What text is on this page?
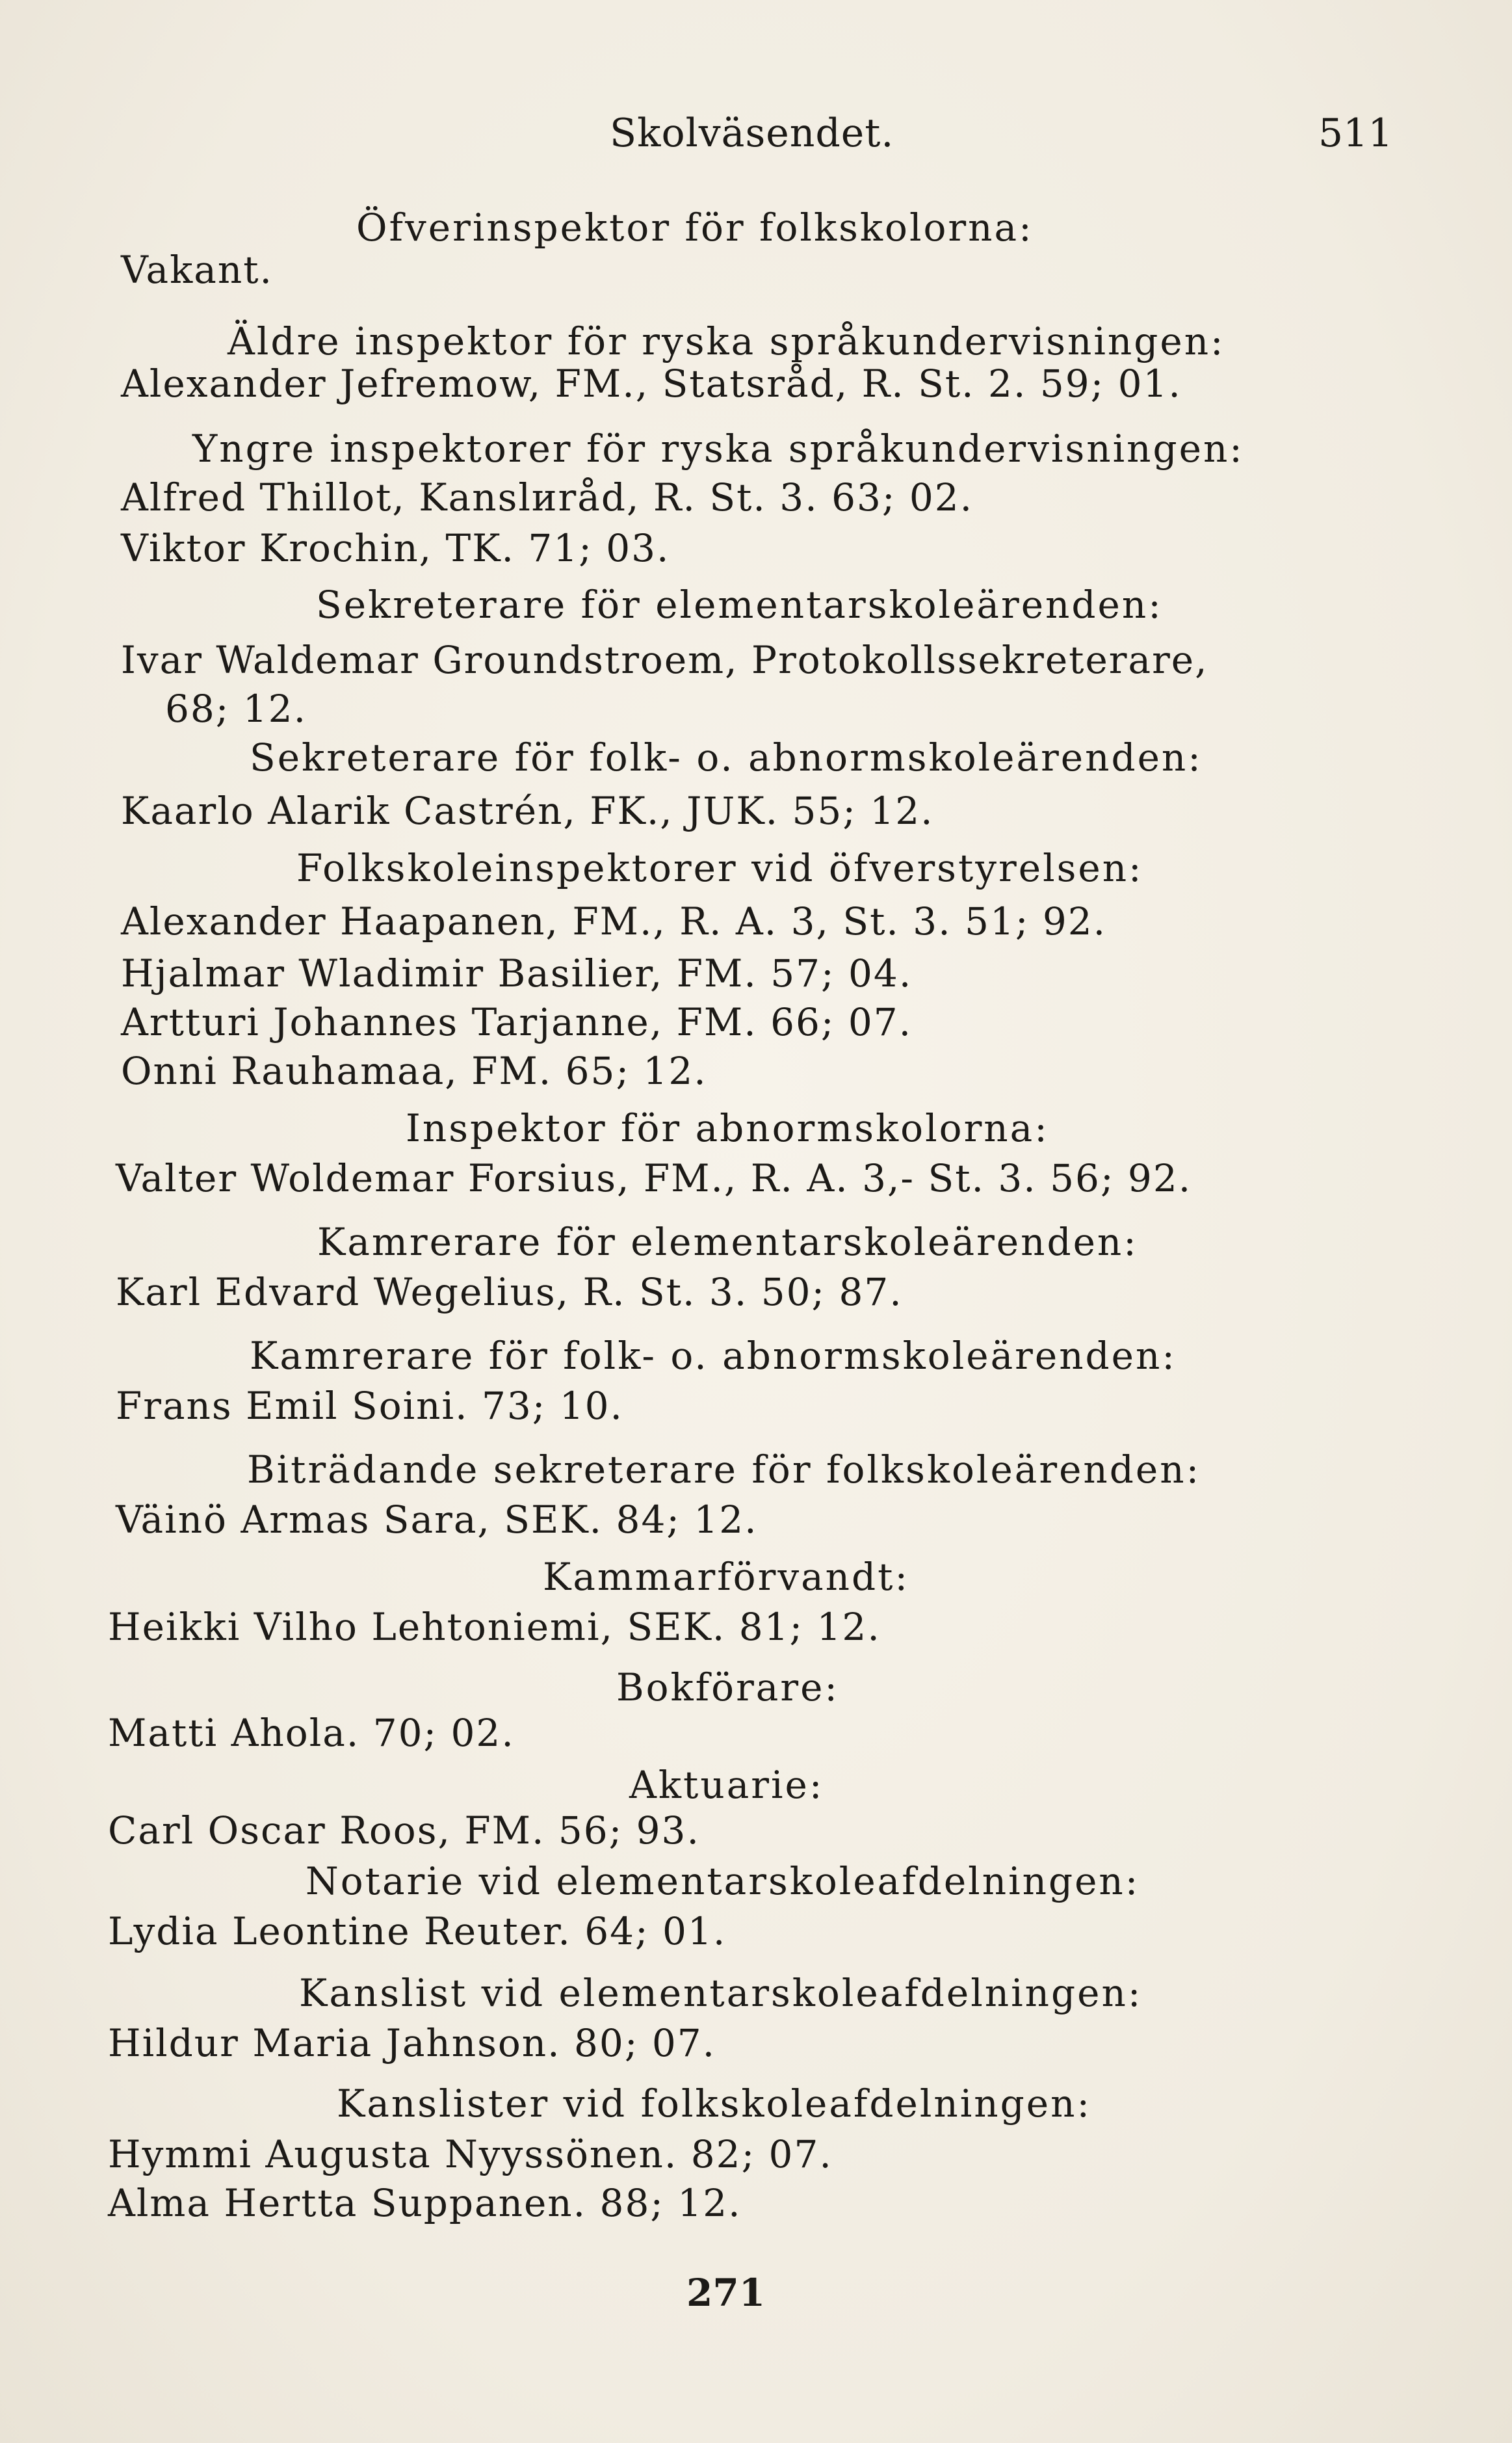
Skolväsendet.	511
Öfverinspektor för folkskolorna:
Vakant.
Äldre inspektor för ryska språkundervisningen:
Alexander Jefremow, FM., Statsråd, R. St. 2. 59; 01.
Yngre inspektorer för ryska språkundervisningen:
Alfred Thillot, Kanslиråd, R. St. 3. 63; 02.
Viktor Krochin, TK. 71; 03.
Sekreterare för elementarskoleärenden:
Ivar Waldemar Groundstroem, Protokollssekreterare,
68; 12.
Sekreterare för folk- o. abnormskoleärenden:
Kaarlo Alarik Castrén, FK., JUK. 55; 12.
Folkskoleinspektorer vid öfverstyrelsen:
Alexander Haapanen, FM., R. A. 3, St. 3. 51; 92.
Hjalmar Wladimir Basilier, FM. 57; 04.
Artturi Johannes Tarjanne, FM. 66; 07.
Onni Rauhamaa, FM. 65; 12.
Inspektor för abnormskolorna:
Valter Woldemar Forsius, FM., R. A. 3,- St. 3. 56; 92.
Kamrerare för elementarskoleärenden:
Karl Edvard Wegelius, R. St. 3. 50; 87.
Kamrerare för folk- o. abnormskoleärenden:
Frans Emil Soini. 73; 10.
Biträdande sekreterare för folkskoleärenden:
Väinö Armas Sara, SEK. 84; 12.
Kammarförvandt:
Heikki Vilho Lehtoniemi, SEK. 81; 12.
Bokförare:
Matti Ahola. 70; 02.
Aktuarie:
Carl Oscar Roos, FM. 56; 93.
Notarie vid elementarskoleafdelningen:
Lydia Leontine Reuter. 64; 01.
Kanslist vid elementarskoleafdelningen:
Hildur Maria Jahnson. 80; 07.
Kanslister vid folkskoleafdelningen:
Hymmi Augusta Nyyssönen. 82; 07.
Alma Hertta Suppanen. 88; 12.
271
